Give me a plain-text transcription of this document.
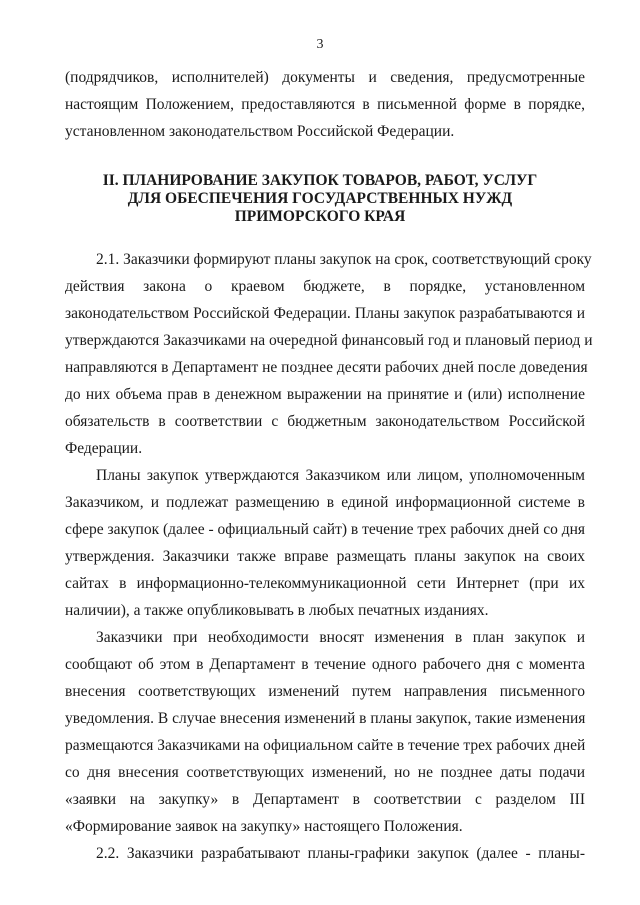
3
(подрядчиков, исполнителей) документы и сведения, предусмотренные
настоящим Положением, предоставляются в письменной форме в порядке,
установленном законодательством Российской Федерации.
II. ПЛАНИРОВАНИЕ ЗАКУПОК ТОВАРОВ, РАБОТ, УСЛУГ
ДЛЯ ОБЕСПЕЧЕНИЯ ГОСУДАРСТВЕННЫХ НУЖД
ПРИМОРСКОГО КРАЯ
2.1. Заказчики формируют планы закупок на срок, соответствующий сроку
действия закона о краевом бюджете, в порядке, установленном
законодательством Российской Федерации. Планы закупок разрабатываются и
утверждаются Заказчиками на очередной финансовый год и плановый период и
направляются в Департамент не позднее десяти рабочих дней после доведения
до них объема прав в денежном выражении на принятие и (или) исполнение
обязательств в соответствии с бюджетным законодательством Российской
Федерации.
Планы закупок утверждаются Заказчиком или лицом, уполномоченным
Заказчиком, и подлежат размещению в единой информационной системе в
сфере закупок (далее - официальный сайт) в течение трех рабочих дней со дня
утверждения. Заказчики также вправе размещать планы закупок на своих
сайтах в информационно-телекоммуникационной сети Интернет (при их
наличии), а также опубликовывать в любых печатных изданиях.
Заказчики при необходимости вносят изменения в план закупок и
сообщают об этом в Департамент в течение одного рабочего дня с момента
внесения соответствующих изменений путем направления письменного
уведомления. В случае внесения изменений в планы закупок, такие изменения
размещаются Заказчиками на официальном сайте в течение трех рабочих дней
со дня внесения соответствующих изменений, но не позднее даты подачи
«заявки на закупку» в Департамент в соответствии с разделом III
«Формирование заявок на закупку» настоящего Положения.
2.2. Заказчики разрабатывают планы-графики закупок (далее - планы-
